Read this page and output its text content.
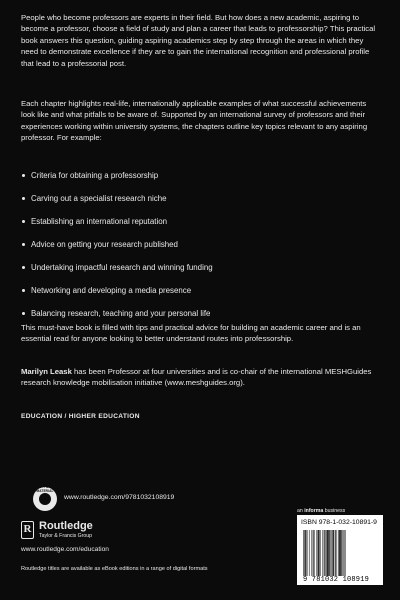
People who become professors are experts in their field. But how does a new academic, aspiring to become a professor, choose a field of study and plan a career that leads to professorship? This practical book answers this question, guiding aspiring academics step by step through the areas in which they need to demonstrate excellence if they are to gain the international recognition and professional profile that lead to a professorial post.

Each chapter highlights real-life, internationally applicable examples of what successful achievements look like and what pitfalls to be aware of. Supported by an international survey of professors and their experiences working within university systems, the chapters outline key topics relevant to any aspiring professor. For example:

Criteria for obtaining a professorship
Carving out a specialist research niche
Establishing an international reputation
Advice on getting your research published
Undertaking impactful research and winning funding
Networking and developing a media presence
Balancing research, teaching and your personal life

This must-have book is filled with tips and practical advice for building an academic career and is an essential read for anyone looking to better understand routes into professorship.

Marilyn Leask has been Professor at four universities and is co-chair of the international MESHGuides research knowledge mobilisation initiative (www.meshguides.org).

EDUCATION / HIGHER EDUCATION
SUPPORT MATERIAL
www.routledge.com/9781032108919
R Routledge
Taylor & Francis Group
www.routledge.com/education
Routledge titles are available as eBook editions in a range of digital formats
an informa business
ISBN 978-1-032-10891-9
9 781032 108919
